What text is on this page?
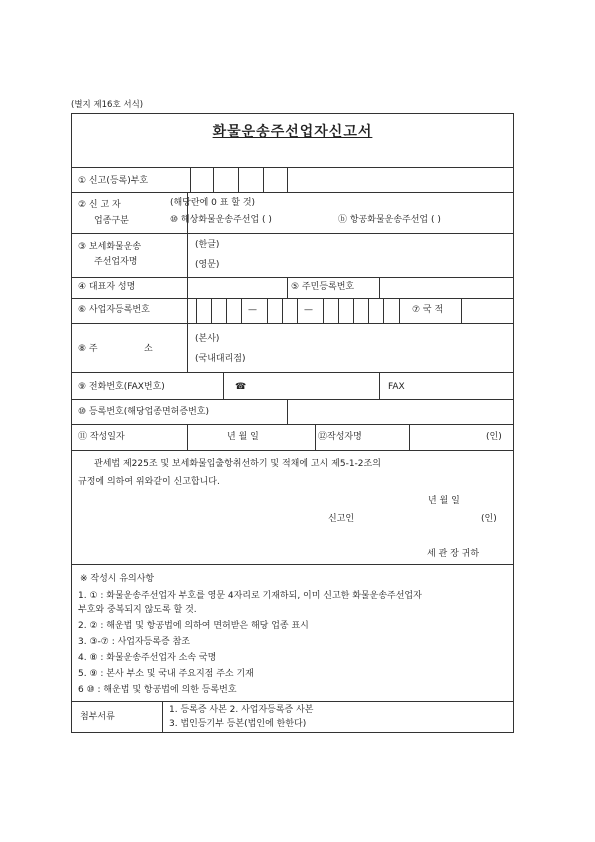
(별지 제16호 서식)
화물운송주선업자신고서
① 신고(등록)부호
② 신 고 자
업종구분
(해당란에 0 표 할 것)
⑩ 해상화물운송주선업 ( )	ⓑ 항공화물운송주선업 ( )
③ 보세화물운송
주선업자명
(한글)
(영문)
④ 대표자 성명	⑤ 주민등록번호
⑥ 사업자등록번호	—	—	⑦ 국 적
⑧ 주	소
(본사)
(국내대리점)
⑨ 전화번호(FAX번호)	☎	FAX
⑩ 등록번호(해당업종면허증번호)
⑪ 작성일자	년 월 일	⑫작성자명	(인)
관세법 제225조 및 보세화물입출항취선하기 및 적채에 고시 제5-1-2조의
규정에 의하여 위와같이 신고합니다.
년 월 일
신고인	(인)
세 관 장 귀하
※ 작성시 유의사항
1. ① : 화물운송주선업자 부호를 영문 4자리로 기재하되, 이미 신고한 화물운송주선업자
부호와 중복되지 않도록 할 것.
2. ② : 해운법 및 항공법에 의하여 면허받은 해당 업종 표시
3. ③-⑦ : 사업자등록증 참조
4. ⑧ : 화물운송주선업자 소속 국명
5. ⑨ : 본사 부소 및 국내 주요지점 주소 기재
6 ⑩ : 해운법 및 항공법에 의한 등록번호
첨부서류
1. 등록증 사본 2. 사업자등록증 사본
3. 법인등기부 등본(법인에 한한다)
